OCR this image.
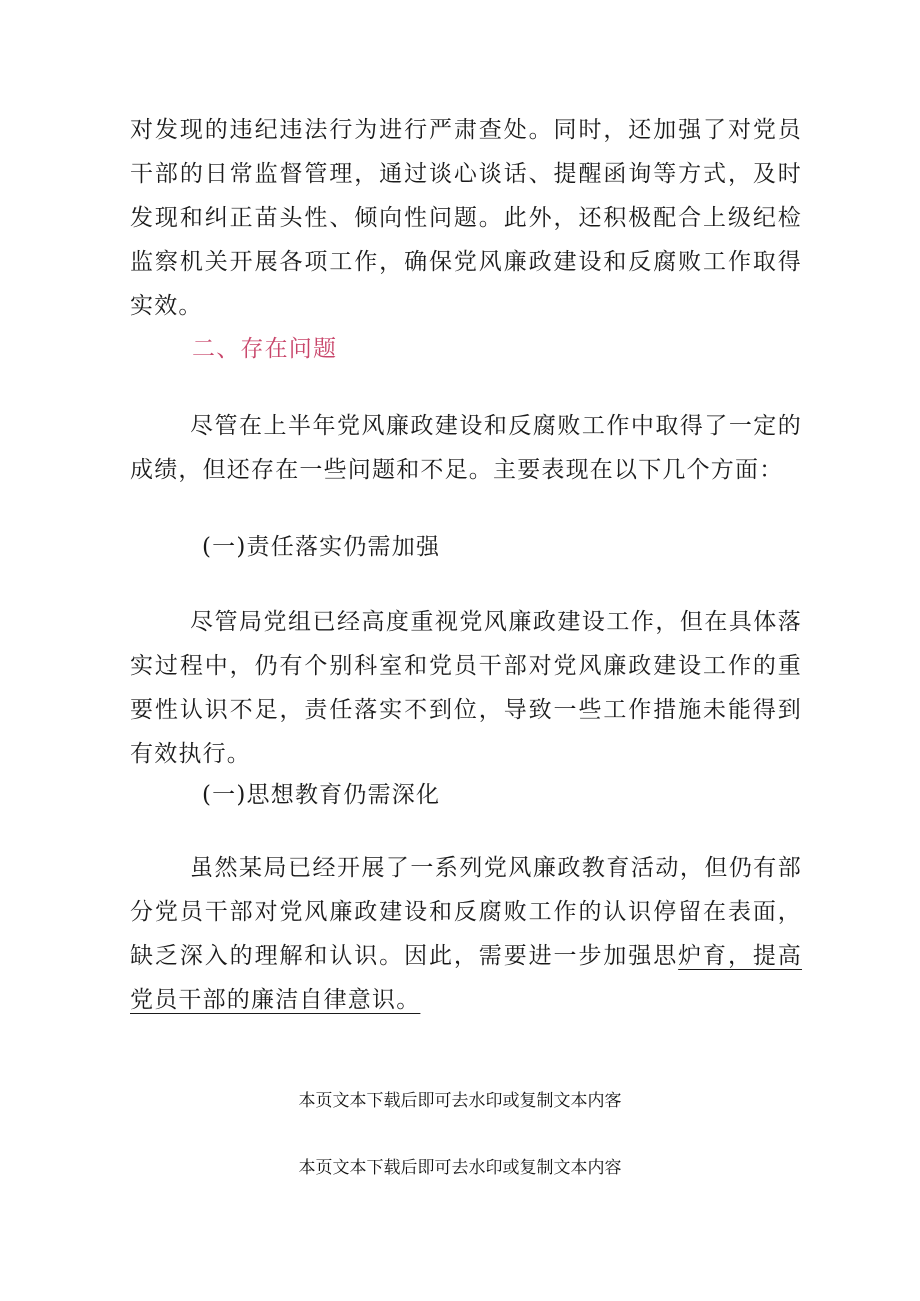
对发现的违纪违法行为进行严肃查处。同时，还加强了对党员干部的日常监督管理，通过谈心谈话、提醒函询等方式，及时发现和纠正苗头性、倾向性问题。此外，还积极配合上级纪检监察机关开展各项工作，确保党风廉政建设和反腐败工作取得实效。

二、存在问题

尽管在上半年党风廉政建设和反腐败工作中取得了一定的成绩，但还存在一些问题和不足。主要表现在以下几个方面：

(一)责任落实仍需加强

尽管局党组已经高度重视党风廉政建设工作，但在具体落实过程中，仍有个别科室和党员干部对党风廉政建设工作的重要性认识不足，责任落实不到位，导致一些工作措施未能得到有效执行。

(一)思想教育仍需深化

虽然某局已经开展了一系列党风廉政教育活动，但仍有部分党员干部对党风廉政建设和反腐败工作的认识停留在表面，缺乏深入的理解和认识。因此，需要进一步加强思炉育，提高党员干部的廉洁自律意识。

本页文本下载后即可去水印或复制文本内客

本页文本下载后即可去水印或复制文本内容
